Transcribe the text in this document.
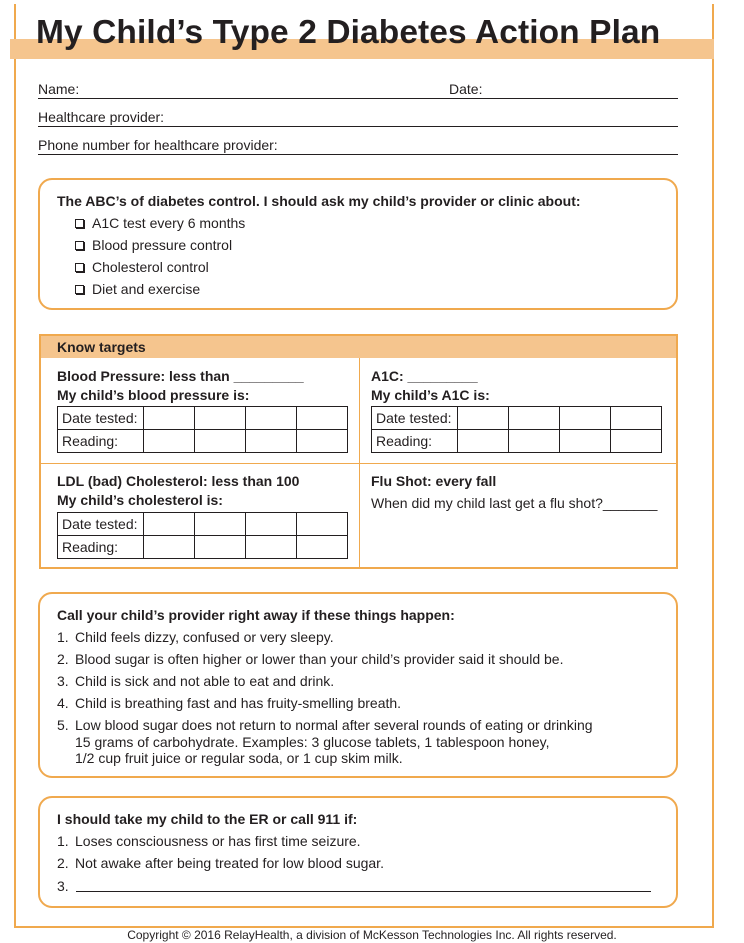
My Child’s Type 2 Diabetes Action Plan
Name:	Date:
Healthcare provider:
Phone number for healthcare provider:
The ABC’s of diabetes control. I should ask my child’s provider or clinic about:
A1C test every 6 months
Blood pressure control
Cholesterol control
Diet and exercise
Know targets
Blood Pressure: less than _________
My child’s blood pressure is:
Date tested:				
Reading:				
A1C: _________
My child’s A1C is:
Date tested:				
Reading:				
LDL (bad) Cholesterol: less than 100
My child’s cholesterol is:
Date tested:				
Reading:				
Flu Shot: every fall
When did my child last get a flu shot?_______
Call your child’s provider right away if these things happen:
1. Child feels dizzy, confused or very sleepy.
2. Blood sugar is often higher or lower than your child’s provider said it should be.
3. Child is sick and not able to eat and drink.
4. Child is breathing fast and has fruity-smelling breath.
5. Low blood sugar does not return to normal after several rounds of eating or drinking
15 grams of carbohydrate. Examples: 3 glucose tablets, 1 tablespoon honey,
1/2 cup fruit juice or regular soda, or 1 cup skim milk.
I should take my child to the ER or call 911 if:
1. Loses consciousness or has first time seizure.
2. Not awake after being treated for low blood sugar.
3.
Copyright © 2016 RelayHealth, a division of McKesson Technologies Inc. All rights reserved.
